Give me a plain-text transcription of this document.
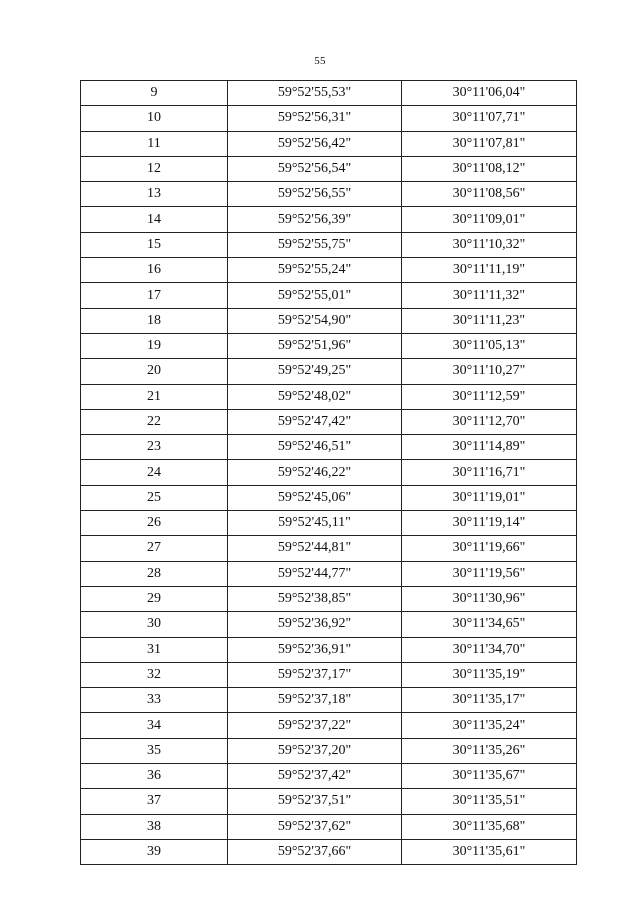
55
9	59°52'55,53"	30°11'06,04"
10	59°52'56,31"	30°11'07,71"
11	59°52'56,42"	30°11'07,81"
12	59°52'56,54"	30°11'08,12"
13	59°52'56,55"	30°11'08,56"
14	59°52'56,39"	30°11'09,01"
15	59°52'55,75"	30°11'10,32"
16	59°52'55,24"	30°11'11,19"
17	59°52'55,01"	30°11'11,32"
18	59°52'54,90"	30°11'11,23"
19	59°52'51,96"	30°11'05,13"
20	59°52'49,25"	30°11'10,27"
21	59°52'48,02"	30°11'12,59"
22	59°52'47,42"	30°11'12,70"
23	59°52'46,51"	30°11'14,89"
24	59°52'46,22"	30°11'16,71"
25	59°52'45,06"	30°11'19,01"
26	59°52'45,11"	30°11'19,14"
27	59°52'44,81"	30°11'19,66"
28	59°52'44,77"	30°11'19,56"
29	59°52'38,85"	30°11'30,96"
30	59°52'36,92"	30°11'34,65"
31	59°52'36,91"	30°11'34,70"
32	59°52'37,17"	30°11'35,19"
33	59°52'37,18"	30°11'35,17"
34	59°52'37,22"	30°11'35,24"
35	59°52'37,20"	30°11'35,26"
36	59°52'37,42"	30°11'35,67"
37	59°52'37,51"	30°11'35,51"
38	59°52'37,62"	30°11'35,68"
39	59°52'37,66"	30°11'35,61"
